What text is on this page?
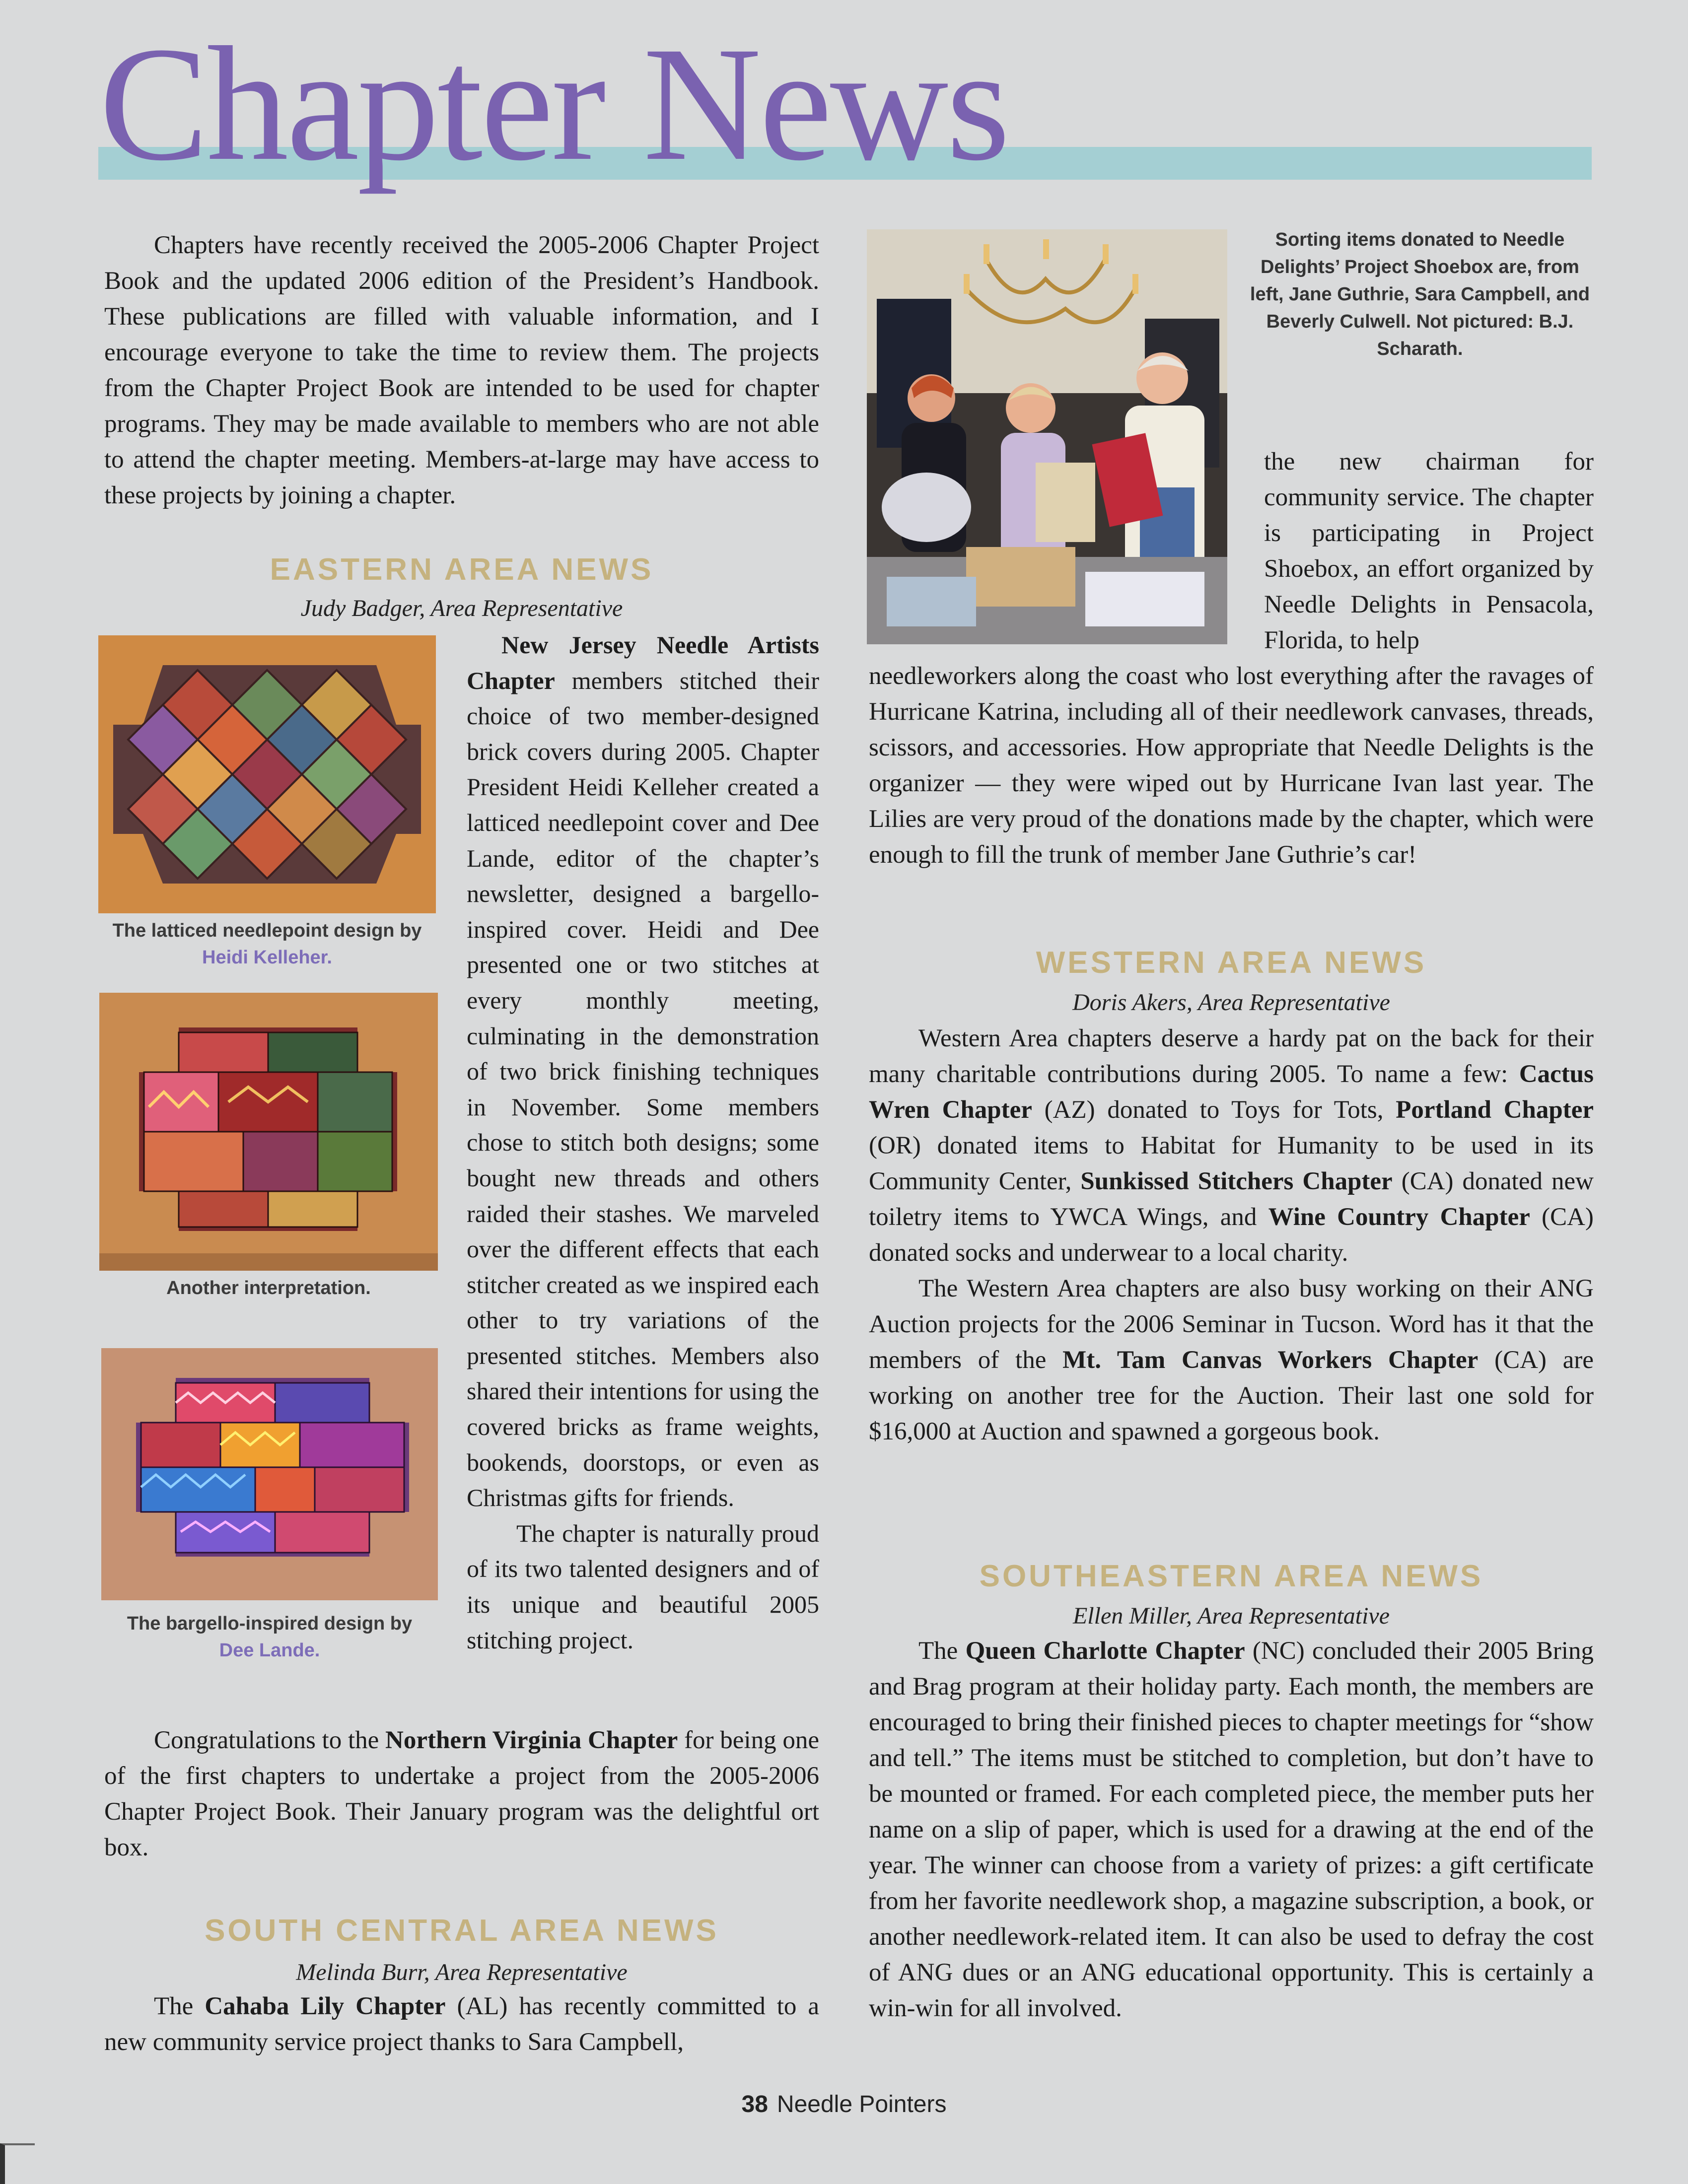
Chapter News

Chapters have recently received the 2005-2006 Chapter Project Book and the updated 2006 edition of the President’s Handbook. These publications are filled with valuable information, and I encourage everyone to take the time to review them. The projects from the Chapter Project Book are intended to be used for chapter programs. They may be made available to members who are not able to attend the chapter meeting. Members-at-large may have access to these projects by joining a chapter.

EASTERN AREA NEWS

Judy Badger, Area Representative

The latticed needlepoint design by
Heidi Kelleher.

Another interpretation.

The bargello-inspired design by
Dee Lande.

New Jersey Needle Artists Chapter members stitched their choice of two member-designed brick covers during 2005. Chapter President Heidi Kelleher created a latticed needlepoint cover and Dee Lande, editor of the chapter’s newsletter, designed a bargello-inspired cover. Heidi and Dee presented one or two stitches at every monthly meeting, culminating in the demonstration of two brick finishing techniques in November. Some members chose to stitch both designs; some bought new threads and others raided their stashes. We marveled over the different effects that each stitcher created as we inspired each other to try variations of the presented stitches. Members also shared their intentions for using the covered bricks as frame weights, bookends, doorstops, or even as Christmas gifts for friends.

The chapter is naturally proud of its two talented designers and of its unique and beautiful 2005 stitching project.

Congratulations to the Northern Virginia Chapter for being one of the first chapters to undertake a project from the 2005-2006 Chapter Project Book. Their January program was the delightful ort box.

SOUTH CENTRAL AREA NEWS

Melinda Burr, Area Representative

The Cahaba Lily Chapter (AL) has recently committed to a new community service project thanks to Sara Campbell,

Sorting items donated to Needle Delights’ Project Shoebox are, from left, Jane Guthrie, Sara Campbell, and Beverly Culwell. Not pictured: B.J. Scharath.

the new chairman for community service. The chapter is participating in Project Shoebox, an effort organized by Needle Delights in Pensacola, Florida, to help

needleworkers along the coast who lost everything after the ravages of Hurricane Katrina, including all of their needlework canvases, threads, scissors, and accessories. How appropriate that Needle Delights is the organizer — they were wiped out by Hurricane Ivan last year. The Lilies are very proud of the donations made by the chapter, which were enough to fill the trunk of member Jane Guthrie’s car!

WESTERN AREA NEWS

Doris Akers, Area Representative

Western Area chapters deserve a hardy pat on the back for their many charitable contributions during 2005. To name a few: Cactus Wren Chapter (AZ) donated to Toys for Tots, Portland Chapter (OR) donated items to Habitat for Humanity to be used in its Community Center, Sunkissed Stitchers Chapter (CA) donated new toiletry items to YWCA Wings, and Wine Country Chapter (CA) donated socks and underwear to a local charity.

The Western Area chapters are also busy working on their ANG Auction projects for the 2006 Seminar in Tucson. Word has it that the members of the Mt. Tam Canvas Workers Chapter (CA) are working on another tree for the Auction. Their last one sold for $16,000 at Auction and spawned a gorgeous book.

SOUTHEASTERN AREA NEWS

Ellen Miller, Area Representative

The Queen Charlotte Chapter (NC) concluded their 2005 Bring and Brag program at their holiday party. Each month, the members are encouraged to bring their finished pieces to chapter meetings for “show and tell.” The items must be stitched to completion, but don’t have to be mounted or framed. For each completed piece, the member puts her name on a slip of paper, which is used for a drawing at the end of the year. The winner can choose from a variety of prizes: a gift certificate from her favorite needlework shop, a magazine subscription, a book, or another needlework-related item. It can also be used to defray the cost of ANG dues or an ANG educational opportunity. This is certainly a win-win for all involved.

38 Needle Pointers
